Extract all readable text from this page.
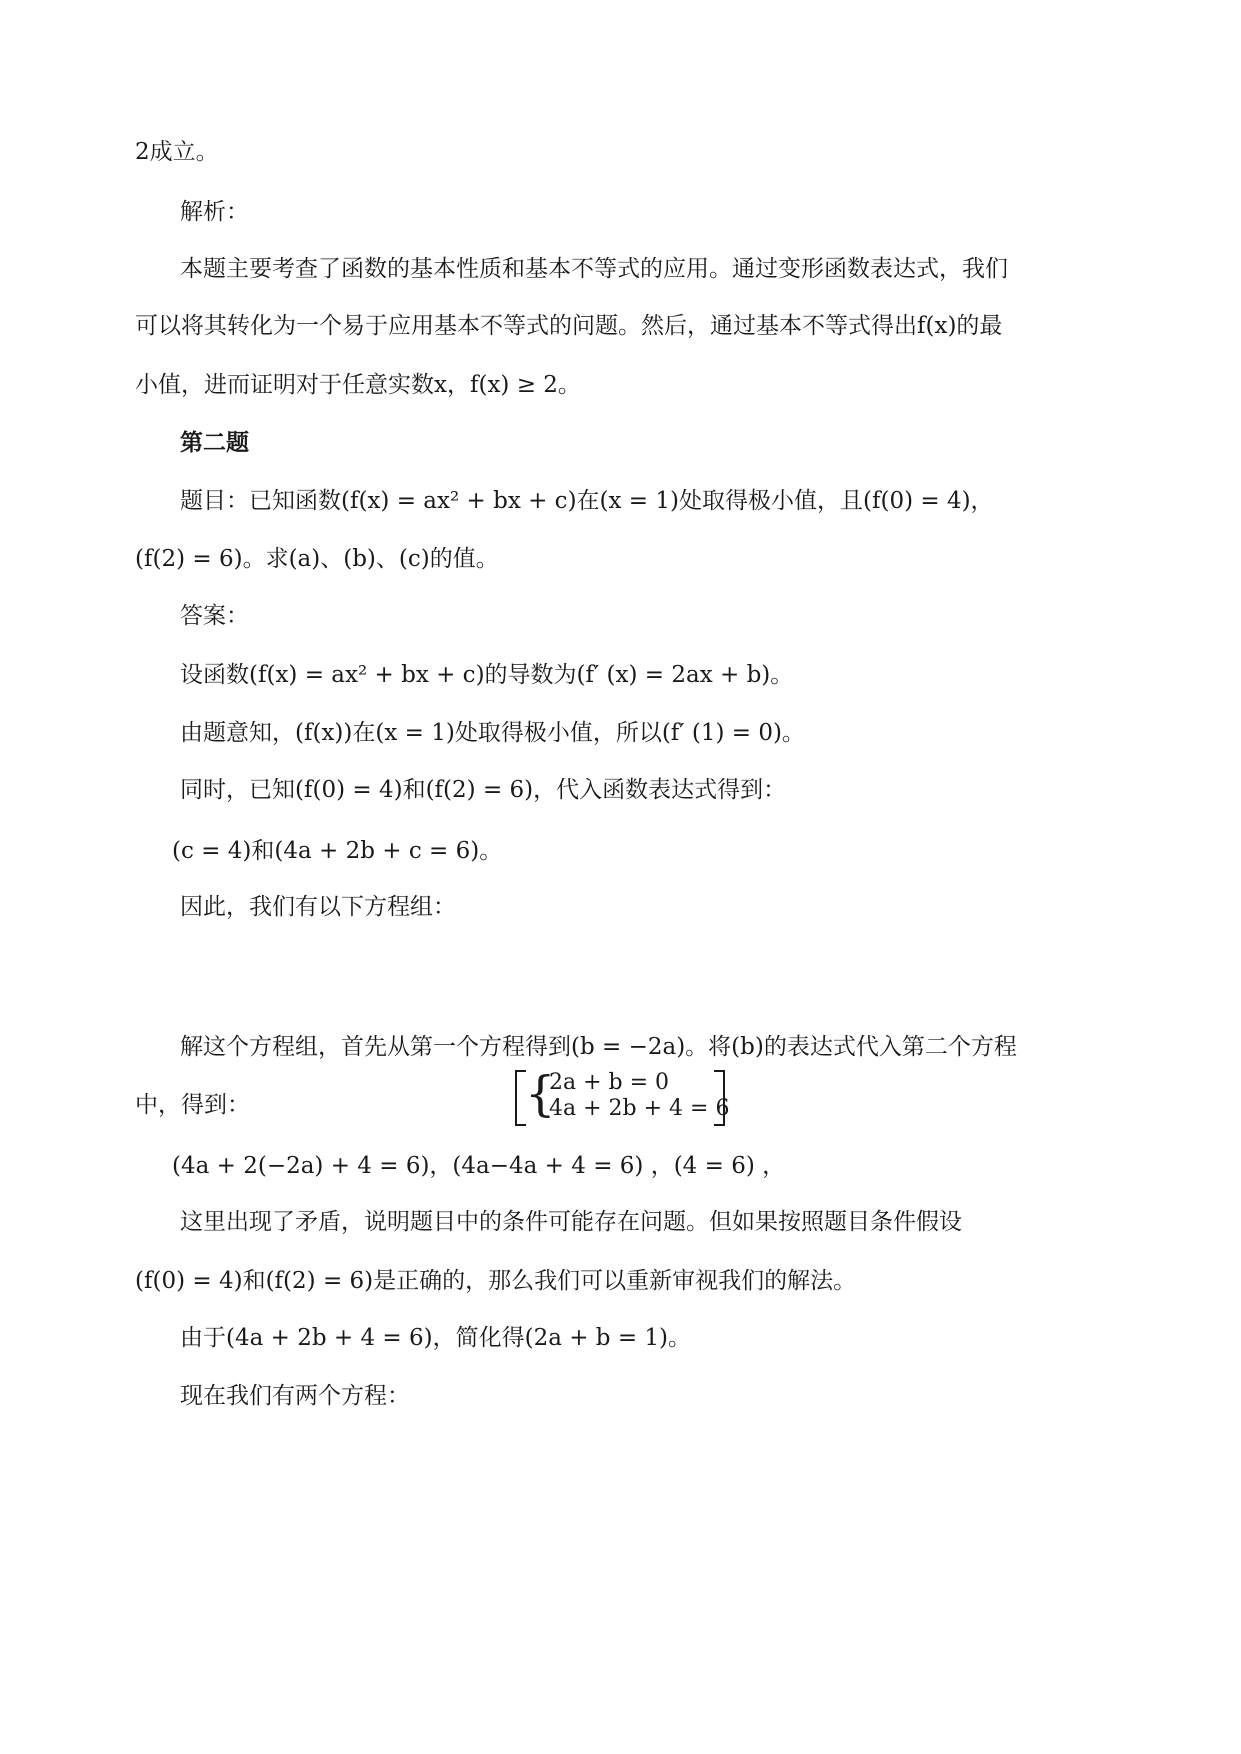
2成立。
解析：
本题主要考查了函数的基本性质和基本不等式的应用。通过变形函数表达式，我们
可以将其转化为一个易于应用基本不等式的问题。然后，通过基本不等式得出f(x)的最
小值，进而证明对于任意实数x，f(x) ≥ 2。
第二题
题目：已知函数(f(x) = ax² + bx + c)在(x = 1)处取得极小值，且(f(0) = 4)，
(f(2) = 6)。求(a)、(b)、(c)的值。
答案：
设函数(f(x) = ax² + bx + c)的导数为(f′ (x) = 2ax + b)。
由题意知，(f(x))在(x = 1)处取得极小值，所以(f′ (1) = 0)。
同时，已知(f(0) = 4)和(f(2) = 6)，代入函数表达式得到：
(c = 4)和(4a + 2b + c = 6)。
因此，我们有以下方程组：
{
2a + b = 0
4a + 2b + 4 = 6
解这个方程组，首先从第一个方程得到(b = −2a)。将(b)的表达式代入第二个方程
中，得到：
(4a + 2(−2a) + 4 = 6)，(4a−4a + 4 = 6) ，(4 = 6) ，
这里出现了矛盾，说明题目中的条件可能存在问题。但如果按照题目条件假设
(f(0) = 4)和(f(2) = 6)是正确的，那么我们可以重新审视我们的解法。
由于(4a + 2b + 4 = 6)，简化得(2a + b = 1)。
现在我们有两个方程：
